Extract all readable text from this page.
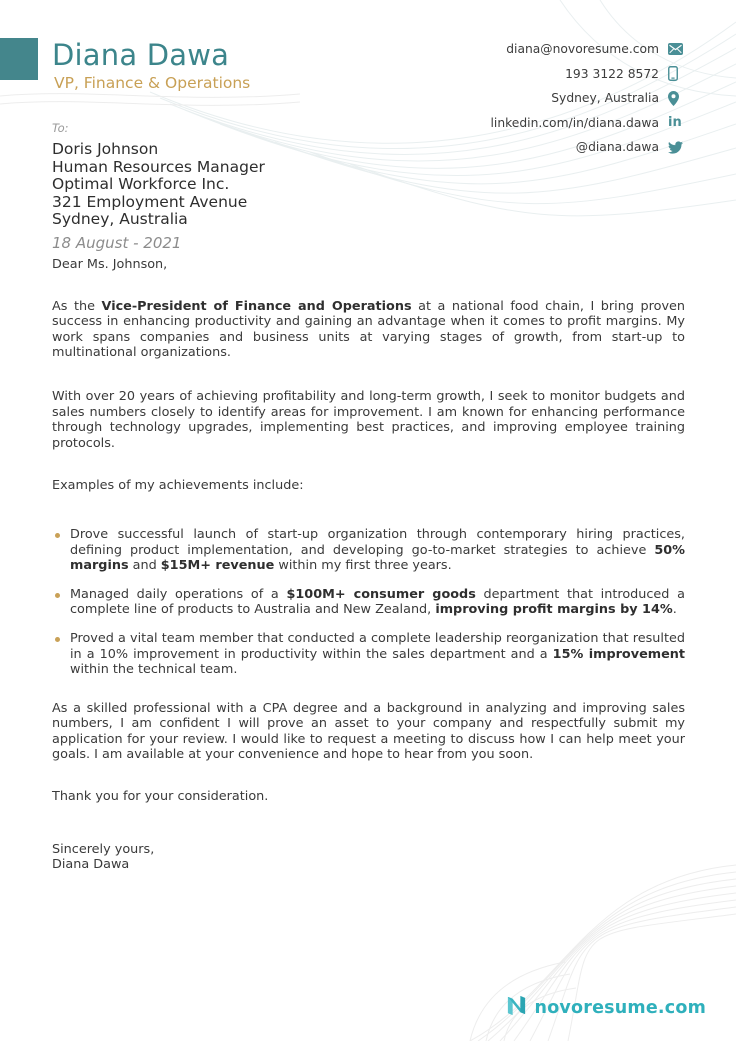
Diana Dawa
VP, Finance & Operations
diana@novoresume.com
193 3122 8572
Sydney, Australia
linkedin.com/in/diana.dawa in
@diana.dawa
To:
Doris Johnson
Human Resources Manager
Optimal Workforce Inc.
321 Employment Avenue
Sydney, Australia
18 August - 2021
Dear Ms. Johnson,
As the Vice-President of Finance and Operations at a national food chain, I bring proven success in enhancing productivity and gaining an advantage when it comes to profit margins. My work spans companies and business units at varying stages of growth, from start-up to multinational organizations.
With over 20 years of achieving profitability and long-term growth, I seek to monitor budgets and sales numbers closely to identify areas for improvement. I am known for enhancing performance through technology upgrades, implementing best practices, and improving employee training protocols.
Examples of my achievements include:
Drove successful launch of start-up organization through contemporary hiring practices, defining product implementation, and developing go-to-market strategies to achieve 50% margins and $15M+ revenue within my first three years.
Managed daily operations of a $100M+ consumer goods department that introduced a complete line of products to Australia and New Zealand, improving profit margins by 14%.
Proved a vital team member that conducted a complete leadership reorganization that resulted in a 10% improvement in productivity within the sales department and a 15% improvement within the technical team.
As a skilled professional with a CPA degree and a background in analyzing and improving sales numbers, I am confident I will prove an asset to your company and respectfully submit my application for your review. I would like to request a meeting to discuss how I can help meet your goals. I am available at your convenience and hope to hear from you soon.
Thank you for your consideration.
Sincerely yours,
Diana Dawa
novoresume.com
